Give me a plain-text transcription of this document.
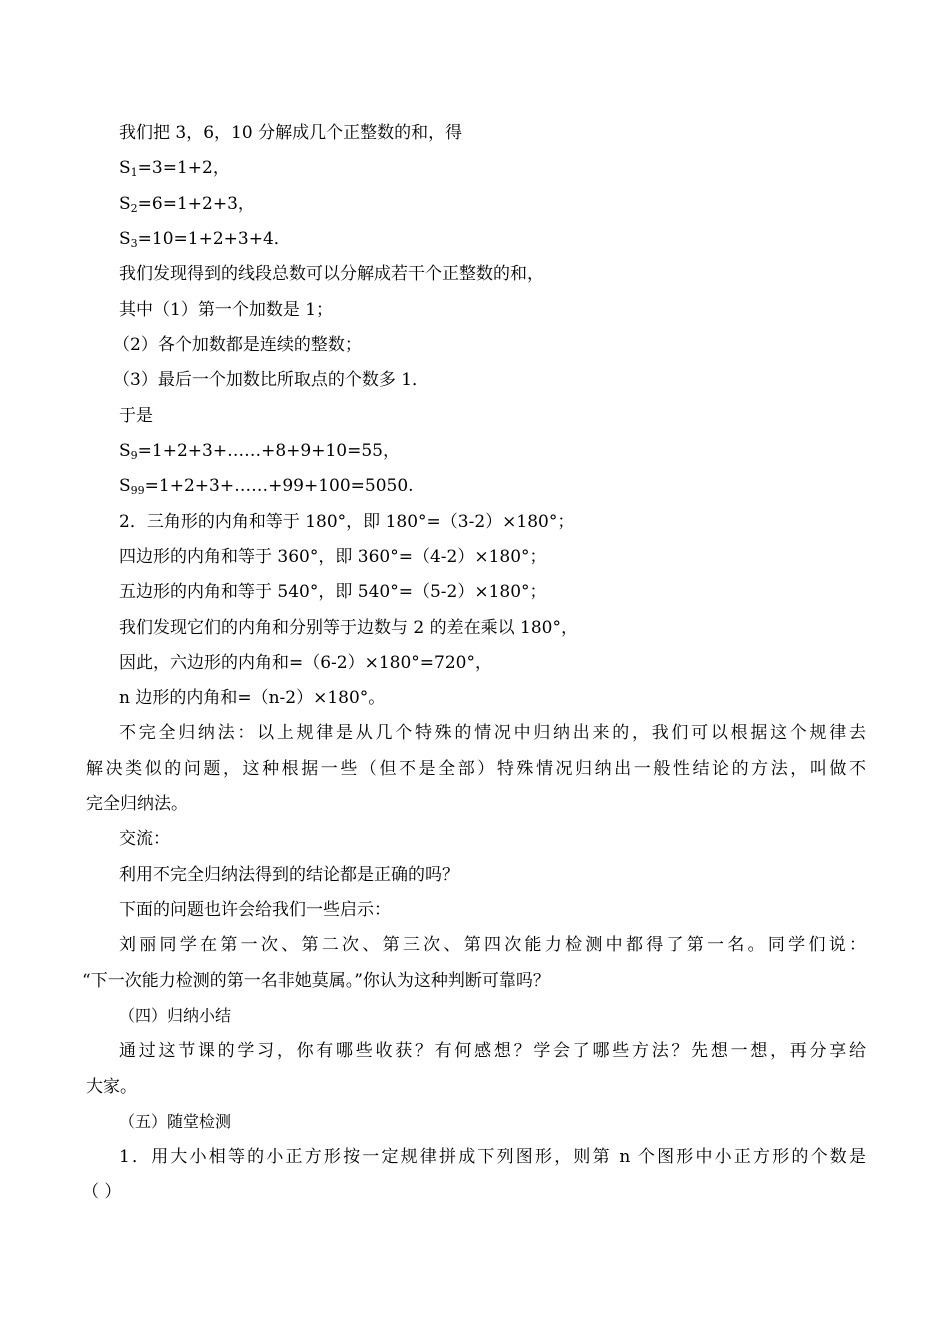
我们把 3，6，10 分解成几个正整数的和，得
$S_1=3=1+2$，
$S_2=6=1+2+3$，
$S_3=10=1+2+3+4$．
我们发现得到的线段总数可以分解成若干个正整数的和，
其中（1）第一个加数是 1；
（2）各个加数都是连续的整数；
（3）最后一个加数比所取点的个数多 1．
于是
$S_9=1+2+3+\dots\dots+8+9+10=55$，
$S_{99}=1+2+3+\dots\dots+99+100=5050$.
2．三角形的内角和等于 180°，即 180°=（3-2）×180°；
四边形的内角和等于 360°，即 360°=（4-2）×180°；
五边形的内角和等于 540°，即 540°=（5-2）×180°；
我们发现它们的内角和分别等于边数与 2 的差在乘以 180°，
因此，六边形的内角和=（6-2）×180°=720°，
n 边形的内角和=（n-2）×180°。
不完全归纳法：以上规律是从几个特殊的情况中归纳出来的，我们可以根据这个规律去
解决类似的问题，这种根据一些（但不是全部）特殊情况归纳出一般性结论的方法，叫做不
完全归纳法。
交流：
利用不完全归纳法得到的结论都是正确的吗？
下面的问题也许会给我们一些启示：
刘丽同学在第一次、第二次、第三次、第四次能力检测中都得了第一名。同学们说：
“下一次能力检测的第一名非她莫属。”你认为这种判断可靠吗？
（四）归纳小结
通过这节课的学习，你有哪些收获？有何感想？学会了哪些方法？先想一想，再分享给
大家。
（五）随堂检测
1．用大小相等的小正方形按一定规律拼成下列图形，则第 n 个图形中小正方形的个数是
（ ）
